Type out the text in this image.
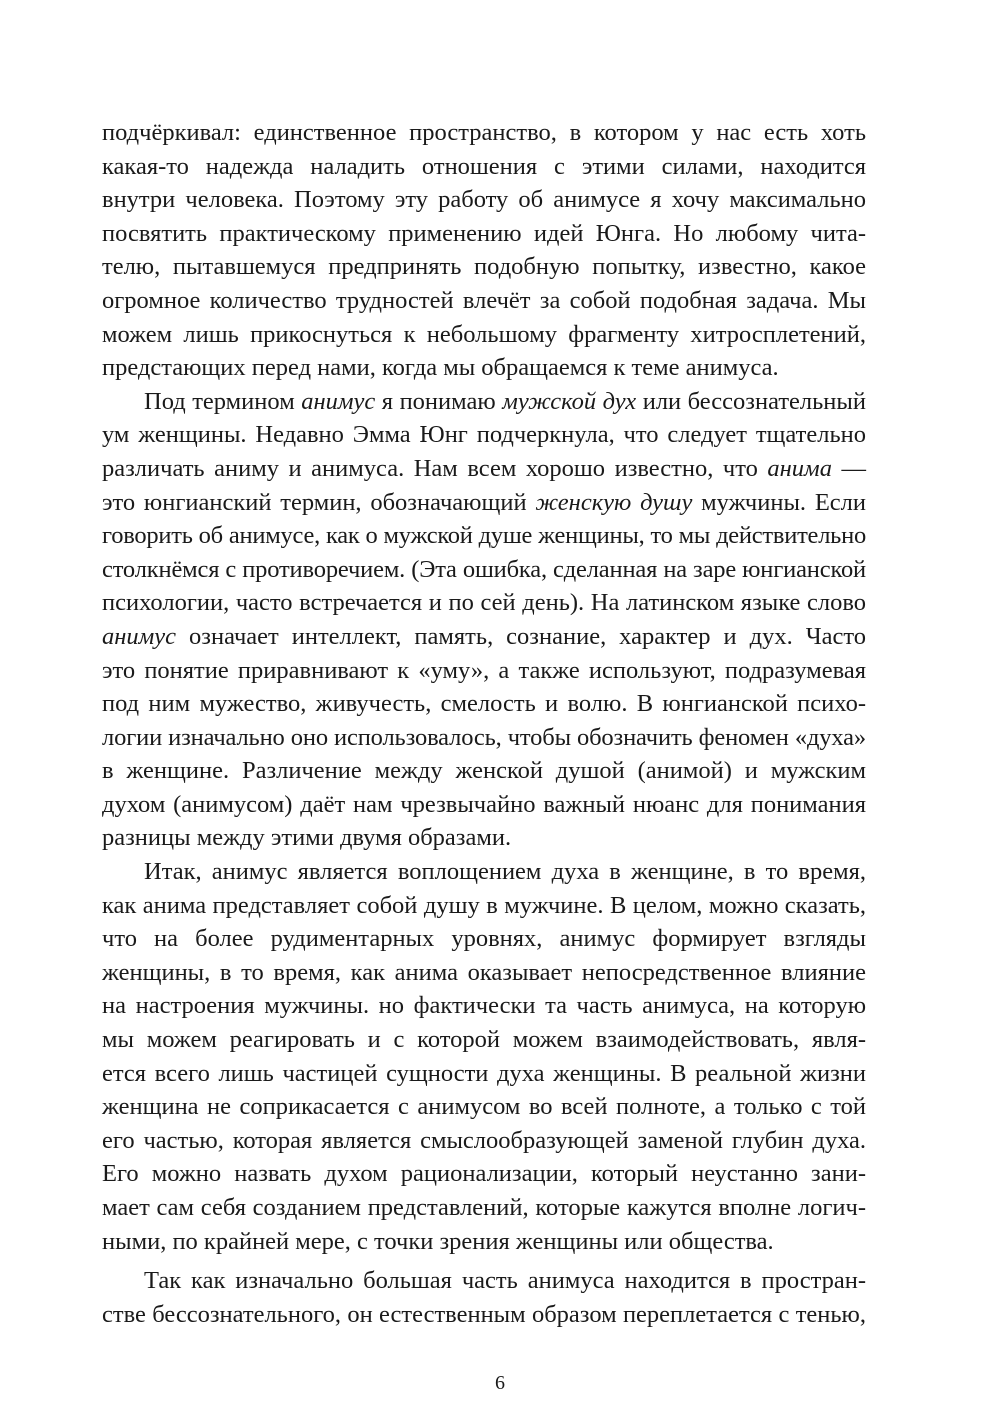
подчёркивал: единственное пространство, в котором у нас есть хоть
какая-то надежда наладить отношения с этими силами, находится
внутри человека. Поэтому эту работу об анимусе я хочу максимально
посвятить практическому применению идей Юнга. Но любому чита-
телю, пытавшемуся предпринять подобную попытку, известно, какое
огромное количество трудностей влечёт за собой подобная задача. Мы
можем лишь прикоснуться к небольшому фрагменту хитросплетений,
предстающих перед нами, когда мы обращаемся к теме анимуса.
Под термином анимус я понимаю мужской дух или бессознательный
ум женщины. Недавно Эмма Юнг подчеркнула, что следует тщательно
различать аниму и анимуса. Нам всем хорошо известно, что анима —
это юнгианский термин, обозначающий женскую душу мужчины. Если
говорить об анимусе, как о мужской душе женщины, то мы действительно
столкнёмся с противоречием. (Эта ошибка, сделанная на заре юнгианской
психологии, часто встречается и по сей день). На латинском языке слово
анимус означает интеллект, память, сознание, характер и дух. Часто
это понятие приравнивают к «уму», а также используют, подразумевая
под ним мужество, живучесть, смелость и волю. В юнгианской психо-
логии изначально оно использовалось, чтобы обозначить феномен «духа»
в женщине. Различение между женской душой (анимой) и мужским
духом (анимусом) даёт нам чрезвычайно важный нюанс для понимания
разницы между этими двумя образами.
Итак, анимус является воплощением духа в женщине, в то время,
как анима представляет собой душу в мужчине. В целом, можно сказать,
что на более рудиментарных уровнях, анимус формирует взгляды
женщины, в то время, как анима оказывает непосредственное влияние
на настроения мужчины. но фактически та часть анимуса, на которую
мы можем реагировать и с которой можем взаимодействовать, явля-
ется всего лишь частицей сущности духа женщины. В реальной жизни
женщина не соприкасается с анимусом во всей полноте, а только с той
его частью, которая является смыслообразующей заменой глубин духа.
Его можно назвать духом рационализации, который неустанно зани-
мает сам себя созданием представлений, которые кажутся вполне логич-
ными, по крайней мере, с точки зрения женщины или общества.
Так как изначально большая часть анимуса находится в простран-
стве бессознательного, он естественным образом переплетается с тенью,
6
